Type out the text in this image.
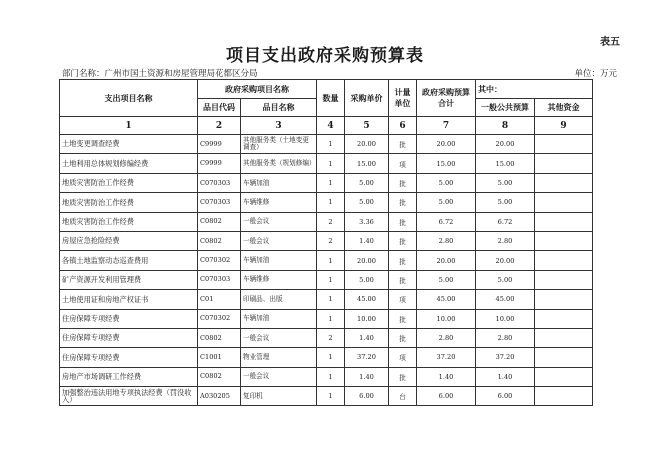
表五
项目支出政府采购预算表
部门名称：广州市国土资源和房屋管理局花都区分局	单位：万元
支出项目名称	政府采购项目名称		数量	采购单价	计量单位	政府采购预算合计	其中：	
	品目代码	品目名称					一般公共预算	其他资金
1	2	3	4	5	6	7	8	9
土地变更调查经费	C9999	其他服务类（土地变更调查）	1	20.00	批	20.00	20.00	
土地利用总体规划修编经费	C9999	其他服务类（规划修编）	1	15.00	项	15.00	15.00	
地质灾害防治工作经费	C070303	车辆加油	1	5.00	批	5.00	5.00	
地质灾害防治工作经费	C070303	车辆维修	1	5.00	批	5.00	5.00	
地质灾害防治工作经费	C0802	一般会议	2	3.36	批	6.72	6.72	
房屋应急抢险经费	C0802	一般会议	2	1.40	批	2.80	2.80	
各镇土地监察动态巡查费用	C070302	车辆加油	1	20.00	批	20.00	20.00	
矿产资源开发利用管理费	C070303	车辆维修	1	5.00	批	5.00	5.00	
土地使用证和房地产权证书	C01	印刷品、出版	1	45.00	项	45.00	45.00	
住房保障专项经费	C070302	车辆加油	1	10.00	批	10.00	10.00	
住房保障专项经费	C0802	一般会议	2	1.40	批	2.80	2.80	
住房保障专项经费	C1001	物业管理	1	37.20	项	37.20	37.20	
房地产市场调研工作经费	C0802	一般会议	1	1.40	批	1.40	1.40	
加强整治违法用地专项执法经费（罚没收入）	A030205	复印机	1	6.00	台	6.00	6.00	
